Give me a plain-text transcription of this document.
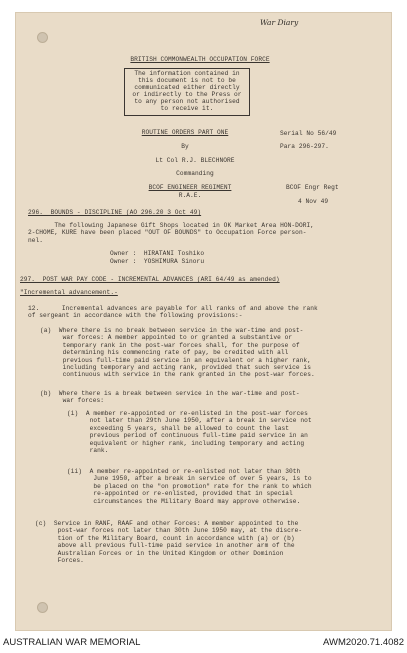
War Diary
BRITISH COMMONWEALTH OCCUPATION FORCE
The information contained in
this document is not to be
communicated either directly
or indirectly to the Press or
to any person not authorised
to receive it.
ROUTINE ORDERS PART ONE	Serial No 56/49
By	Para 296-297.
Lt Col R.J. BLECHNORE
Commanding
BCOF ENGINEER REGIMENT	BCOF Engr Regt
R.A.E.
4 Nov 49
296.  BOUNDS - DISCIPLINE (AO 296.20 3 Oct 49)
The following Japanese Gift Shops located in OK Market Area HON-DORI,
2-CHOME, KURE have been placed "OUT OF BOUNDS" to Occupation Force person-
nel.
Owner :  HIRATANI Toshiko
Owner :  YOSHIMURA Sinoru
297.  POST WAR PAY CODE - INCREMENTAL ADVANCES (ARI 64/49 as amended)
"Incremental advancement.-
12.      Incremental advances are payable for all ranks of and above the rank
of sergeant in accordance with the following provisions:-
(a)  Where there is no break between service in the war-time and post-
war forces: A member appointed to or granted a substantive or
temporary rank in the post-war forces shall, for the purpose of
determining his commencing rate of pay, be credited with all
previous full-time paid service in an equivalent or a higher rank,
including temporary and acting rank, provided that such service is
continuous with service in the rank granted in the post-war forces.
(b)  Where there is a break between service in the war-time and post-
war forces:
(i)  A member re-appointed or re-enlisted in the post-war forces
not later than 29th June 1950, after a break in service not
exceeding 5 years, shall be allowed to count the last
previous period of continuous full-time paid service in an
equivalent or higher rank, including temporary and acting
rank.
(ii)  A member re-appointed or re-enlisted not later than 30th
June 1950, after a break in service of over 5 years, is to
be placed on the "on promotion" rate for the rank to which
re-appointed or re-enlisted, provided that in special
circumstances the Military Board may approve otherwise.
(c)  Service in RANF, RAAF and other Forces: A member appointed to the
post-war forces not later than 30th June 1950 may, at the discre-
tion of the Military Board, count in accordance with (a) or (b)
above all previous full-time paid service in another arm of the
Australian Forces or in the United Kingdom or other Dominion
Forces.
AUSTRALIAN WAR MEMORIAL	AWM2020.71.4082
